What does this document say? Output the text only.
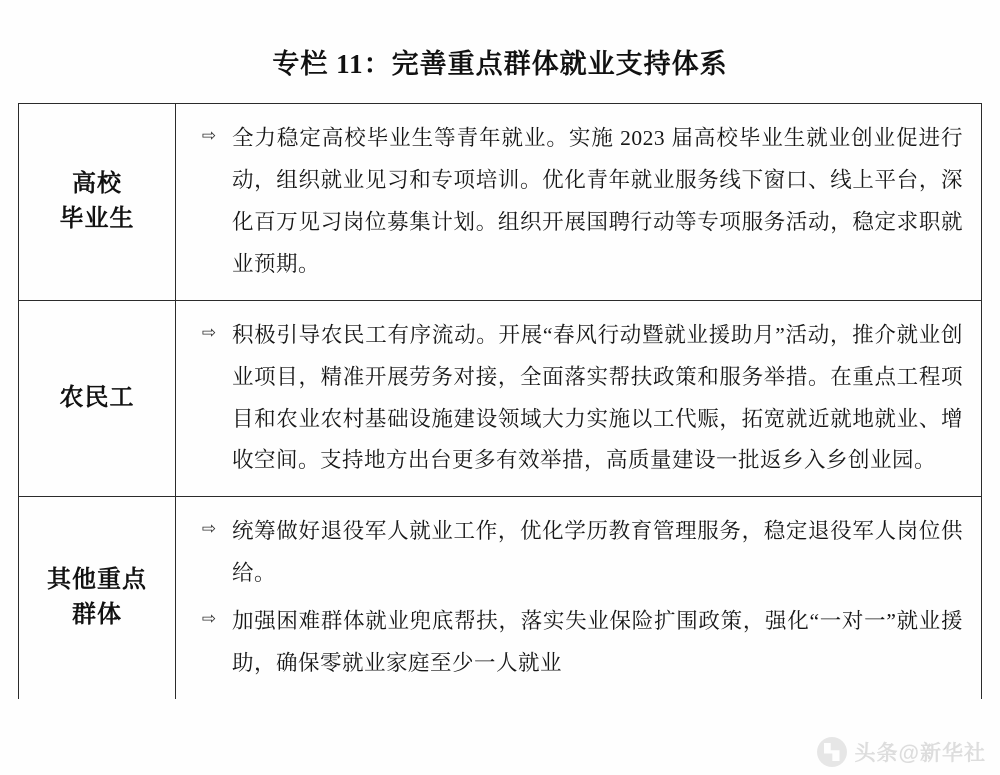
专栏 11：完善重点群体就业支持体系
高校
毕业生
⇨ 全力稳定高校毕业生等青年就业。实施 2023 届高校毕业生就业创业促进行动，组织就业见习和专项培训。优化青年就业服务线下窗口、线上平台，深化百万见习岗位募集计划。组织开展国聘行动等专项服务活动，稳定求职就业预期。
农民工
⇨ 积极引导农民工有序流动。开展“春风行动暨就业援助月”活动，推介就业创业项目，精准开展劳务对接，全面落实帮扶政策和服务举措。在重点工程项目和农业农村基础设施建设领域大力实施以工代赈，拓宽就近就地就业、增收空间。支持地方出台更多有效举措，高质量建设一批返乡入乡创业园。
其他重点
群体
⇨ 统筹做好退役军人就业工作，优化学历教育管理服务，稳定退役军人岗位供给。
⇨ 加强困难群体就业兜底帮扶，落实失业保险扩围政策，强化“一对一”就业援助，确保零就业家庭至少一人就业
头条@新华社
